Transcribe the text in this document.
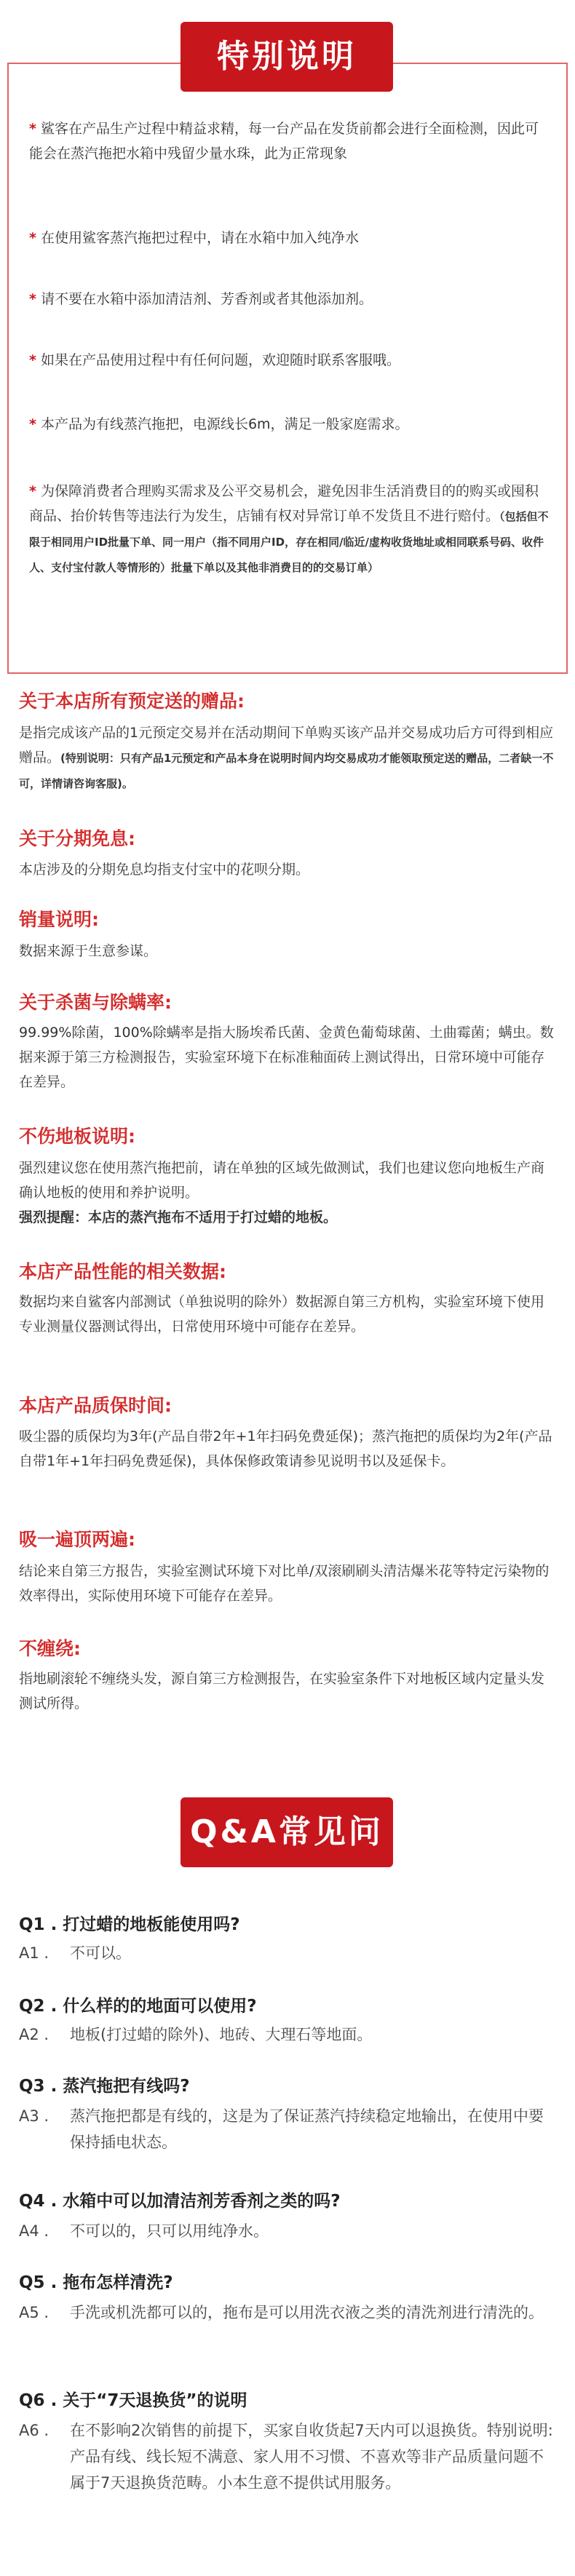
* 鲨客在产品生产过程中精益求精，每一台产品在发货前都会进行全面检测，因此可能会在蒸汽拖把水箱中残留少量水珠，此为正常现象
* 在使用鲨客蒸汽拖把过程中，请在水箱中加入纯净水
* 请不要在水箱中添加清洁剂、芳香剂或者其他添加剂。
* 如果在产品使用过程中有任何问题，欢迎随时联系客服哦。
* 本产品为有线蒸汽拖把，电源线长6m，满足一般家庭需求。
* 为保障消费者合理购买需求及公平交易机会，避免因非生活消费目的的购买或囤积商品、抬价转售等违法行为发生，店铺有权对异常订单不发货且不进行赔付。（包括但不限于相同用户ID批量下单、同一用户（指不同用户ID，存在相同/临近/虚构收货地址或相同联系号码、收件人、支付宝付款人等情形的）批量下单以及其他非消费目的的交易订单）
特别说明
关于本店所有预定送的赠品:

是指完成该产品的1元预定交易并在活动期间下单购买该产品并交易成功后方可得到相应赠品。(特别说明：只有产品1元预定和产品本身在说明时间内均交易成功才能领取预定送的赠品，二者缺一不可，详情请咨询客服)。

关于分期免息:

本店涉及的分期免息均指支付宝中的花呗分期。

销量说明:

数据来源于生意参谋。

关于杀菌与除螨率:

99.99%除菌，100%除螨率是指大肠埃希氏菌、金黄色葡萄球菌、土曲霉菌；螨虫。数据来源于第三方检测报告，实验室环境下在标准釉面砖上测试得出，日常环境中可能存在差异。

不伤地板说明:

强烈建议您在使用蒸汽拖把前，请在单独的区域先做测试，我们也建议您向地板生产商确认地板的使用和养护说明。
强烈提醒：本店的蒸汽拖布不适用于打过蜡的地板。

本店产品性能的相关数据:

数据均来自鲨客内部测试（单独说明的除外）数据源自第三方机构，实验室环境下使用专业测量仪器测试得出，日常使用环境中可能存在差异。

本店产品质保时间:

吸尘器的质保均为3年(产品自带2年+1年扫码免费延保)；蒸汽拖把的质保均为2年(产品自带1年+1年扫码免费延保)，具体保修政策请参见说明书以及延保卡。

吸一遍顶两遍:

结论来自第三方报告，实验室测试环境下对比单/双滚刷刷头清洁爆米花等特定污染物的效率得出，实际使用环境下可能存在差异。

不缠绕:

指地刷滚轮不缠绕头发，源自第三方检测报告，在实验室条件下对地板区域内定量头发测试所得。

Q&A常见问题

Q1 . 打过蜡的地板能使用吗?

A1 .	不可以。

Q2 . 什么样的的地面可以使用?

A2 .	地板(打过蜡的除外)、地砖、大理石等地面。

Q3 . 蒸汽拖把有线吗?

A3 .	蒸汽拖把都是有线的，这是为了保证蒸汽持续稳定地输出，在使用中要保持插电状态。

Q4 . 水箱中可以加清洁剂芳香剂之类的吗?

A4 .	不可以的，只可以用纯净水。

Q5 . 拖布怎样清洗?

A5 .	手洗或机洗都可以的，拖布是可以用洗衣液之类的清洗剂进行清洗的。

Q6 . 关于“7天退换货”的说明

A6 .	在不影响2次销售的前提下，买家自收货起7天内可以退换货。特别说明:产品有线、线长短不满意、家人用不习惯、不喜欢等非产品质量问题不属于7天退换货范畴。小本生意不提供试用服务。
